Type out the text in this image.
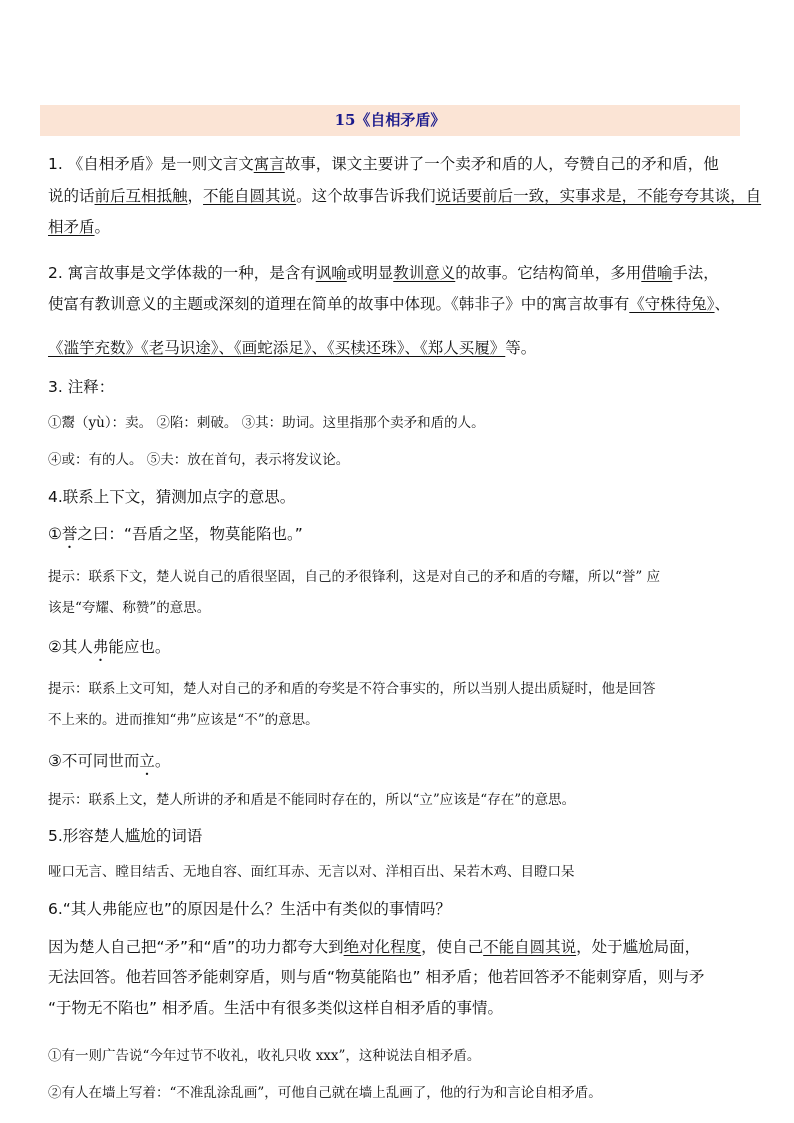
15《自相矛盾》
1. 《自相矛盾》是一则文言文寓言故事，课文主要讲了一个卖矛和盾的人，夸赞自己的矛和盾，他
说的话前后互相抵触，不能自圆其说。这个故事告诉我们说话要前后一致，实事求是，不能夸夸其谈，自
相矛盾。
2. 寓言故事是文学体裁的一种，是含有讽喻或明显教训意义的故事。它结构简单，多用借喻手法，
使富有教训意义的主题或深刻的道理在简单的故事中体现。《韩非子》中的寓言故事有《守株待兔》、
《滥竽充数》《老马识途》、《画蛇添足》、《买椟还珠》、《郑人买履》等。
3. 注释：
①鬻（yù）：卖。 ②陷：刺破。 ③其：助词。这里指那个卖矛和盾的人。
④或：有的人。 ⑤夫：放在首句，表示将发议论。
4.联系上下文，猜测加点字的意思。
①誉之曰：“吾盾之坚，物莫能陷也。”
提示：联系下文，楚人说自己的盾很坚固，自己的矛很锋利，这是对自己的矛和盾的夸耀，所以“誉” 应
该是“夸耀、称赞”的意思。
②其人弗能应也。
提示：联系上文可知，楚人对自己的矛和盾的夸奖是不符合事实的，所以当别人提出质疑时，他是回答
不上来的。进而推知“弗”应该是“不”的意思。
③不可同世而立。
提示：联系上文，楚人所讲的矛和盾是不能同时存在的，所以“立”应该是“存在”的意思。
5.形容楚人尴尬的词语
哑口无言、瞠目结舌、无地自容、面红耳赤、无言以对、洋相百出、呆若木鸡、目瞪口呆
6.“其人弗能应也”的原因是什么？生活中有类似的事情吗？
因为楚人自己把“矛”和“盾”的功力都夸大到绝对化程度，使自己不能自圆其说，处于尴尬局面，
无法回答。他若回答矛能刺穿盾，则与盾“物莫能陷也” 相矛盾；他若回答矛不能刺穿盾，则与矛
“于物无不陷也” 相矛盾。生活中有很多类似这样自相矛盾的事情。
①有一则广告说“今年过节不收礼，收礼只收 xxx”，这种说法自相矛盾。
②有人在墙上写着：“不准乱涂乱画”，可他自己就在墙上乱画了，他的行为和言论自相矛盾。
